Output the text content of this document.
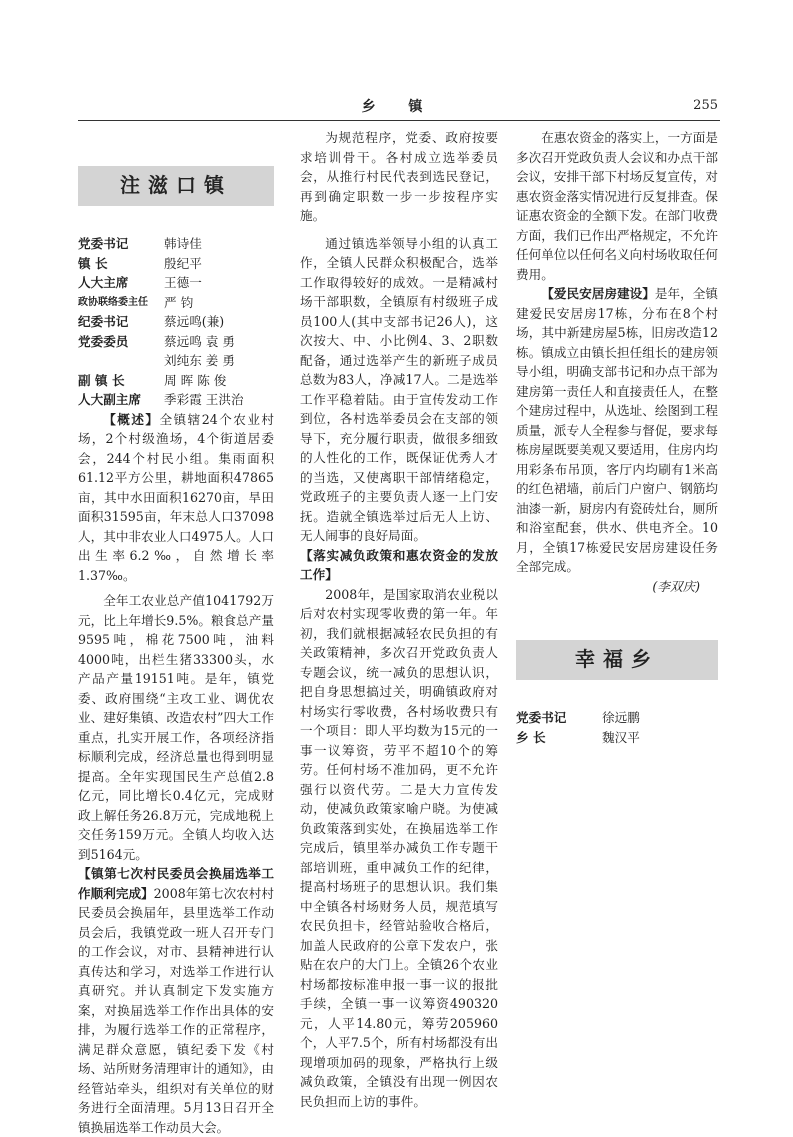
乡 镇	255
注滋口镇
党委书记	韩诗佳
镇 长	殷纪平
人大主席	王德一
政协联络委主任	严 钧
纪委书记	蔡远鸣(兼)
党委委员	蔡远鸣 袁 勇
刘纯东 姜 勇
副 镇 长	周 晖 陈 俊
人大副主席	季彩霞 王洪治

【概述】全镇辖24个农业村场，2个村级渔场，4个街道居委会，244个村民小组。集雨面积61.12平方公里，耕地面积47865亩，其中水田面积16270亩，旱田面积31595亩，年末总人口37098人，其中非农业人口4975人。人口出生率6.2‰，自然增长率1.37‰。

全年工农业总产值1041792万元，比上年增长9.5%。粮食总产量9595吨，棉花7500吨，油料4000吨，出栏生猪33300头，水产品产量19151吨。是年，镇党委、政府围绕“主攻工业、调优农业、建好集镇、改造农村”四大工作重点，扎实开展工作，各项经济指标顺利完成，经济总量也得到明显提高。全年实现国民生产总值2.8亿元，同比增长0.4亿元，完成财政上解任务26.8万元，完成地税上交任务159万元。全镇人均收入达到5164元。

【镇第七次村民委员会换届选举工作顺利完成】2008年第七次农村村民委员会换届年，县里选举工作动员会后，我镇党政一班人召开专门的工作会议，对市、县精神进行认真传达和学习，对选举工作进行认真研究。并认真制定下发实施方案，对换届选举工作作出具体的安排，为履行选举工作的正常程序，满足群众意愿，镇纪委下发《村场、站所财务清理审计的通知》，由经管站牵头，组织对有关单位的财务进行全面清理。5月13日召开全镇换届选举工作动员大会。

为规范程序，党委、政府按要求培训骨干。各村成立选举委员会，从推行村民代表到选民登记，再到确定职数一步一步按程序实施。

通过镇选举领导小组的认真工作，全镇人民群众积极配合，选举工作取得较好的成效。一是精减村场干部职数，全镇原有村级班子成员100人(其中支部书记26人)，这次按大、中、小比例4、3、2职数配备，通过选举产生的新班子成员总数为83人，净减17人。二是选举工作平稳着陆。由于宣传发动工作到位，各村选举委员会在支部的领导下，充分履行职责，做很多细致的人性化的工作，既保证优秀人才的当选，又使离职干部情绪稳定，党政班子的主要负责人逐一上门安抚。造就全镇选举过后无人上访、无人闹事的良好局面。

【落实减负政策和惠农资金的发放工作】

2008年，是国家取消农业税以后对农村实现零收费的第一年。年初，我们就根据减轻农民负担的有关政策精神，多次召开党政负责人专题会议，统一减负的思想认识，把自身思想搞过关，明确镇政府对村场实行零收费，各村场收费只有一个项目：即人平均数为15元的一事一议筹资，劳平不超10个的筹劳。任何村场不准加码，更不允许强行以资代劳。二是大力宣传发动，使减负政策家喻户晓。为使减负政策落到实处，在换届选举工作完成后，镇里举办减负工作专题干部培训班，重申减负工作的纪律，提高村场班子的思想认识。我们集中全镇各村场财务人员，规范填写农民负担卡，经管站验收合格后，加盖人民政府的公章下发农户，张贴在农户的大门上。全镇26个农业村场都按标准申报一事一议的报批手续，全镇一事一议筹资490320元，人平14.80元，筹劳205960个，人平7.5个，所有村场都没有出现增项加码的现象，严格执行上级减负政策，全镇没有出现一例因农民负担而上访的事件。

在惠农资金的落实上，一方面是多次召开党政负责人会议和办点干部会议，安排干部下村场反复宣传，对惠农资金落实情况进行反复排查。保证惠农资金的全额下发。在部门收费方面，我们已作出严格规定，不允许任何单位以任何名义向村场收取任何费用。

【爱民安居房建设】是年，全镇建爱民安居房17栋，分布在8个村场，其中新建房屋5栋，旧房改造12栋。镇成立由镇长担任组长的建房领导小组，明确支部书记和办点干部为建房第一责任人和直接责任人，在整个建房过程中，从选址、绘图到工程质量，派专人全程参与督促，要求每栋房屋既要美观又要适用，住房内均用彩条布吊顶，客厅内均刷有1米高的红色裙墙，前后门户窗户、钢筋均油漆一新，厨房内有瓷砖灶台，厕所和浴室配套，供水、供电齐全。10月，全镇17栋爱民安居房建设任务全部完成。

(李双庆)
幸福乡
党委书记	徐远鹏
乡 长	魏汉平
